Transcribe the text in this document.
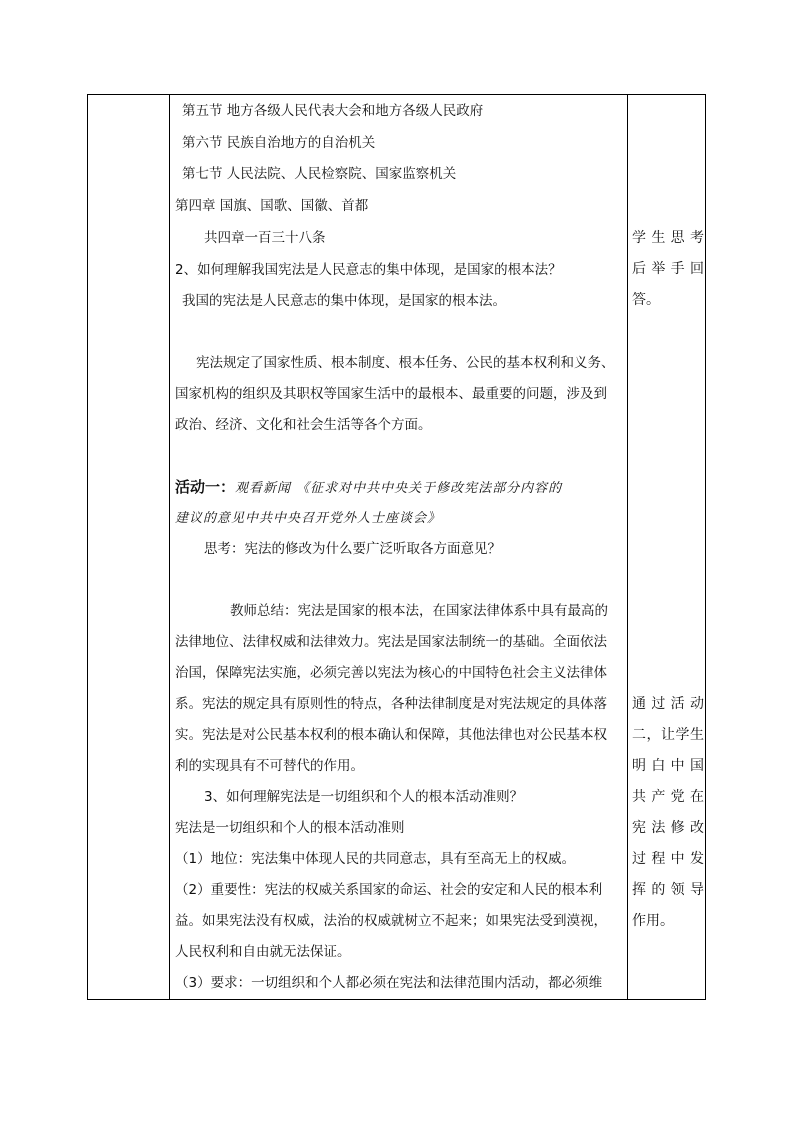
第五节 地方各级人民代表大会和地方各级人民政府
第六节 民族自治地方的自治机关
第七节 人民法院、人民检察院、国家监察机关
第四章 国旗、国歌、国徽、首都
共四章一百三十八条
2、如何理解我国宪法是人民意志的集中体现，是国家的根本法？
我国的宪法是人民意志的集中体现，是国家的根本法。
宪法规定了国家性质、根本制度、根本任务、公民的基本权利和义务、
国家机构的组织及其职权等国家生活中的最根本、最重要的问题，涉及到
政治、经济、文化和社会生活等各个方面。
活动一：观看新闻 《征求对中共中央关于修改宪法部分内容的
建议的意见中共中央召开党外人士座谈会》
思考：宪法的修改为什么要广泛听取各方面意见？
教师总结：宪法是国家的根本法，在国家法律体系中具有最高的
法律地位、法律权威和法律效力。宪法是国家法制统一的基础。全面依法
治国，保障宪法实施，必须完善以宪法为核心的中国特色社会主义法律体
系。宪法的规定具有原则性的特点，各种法律制度是对宪法规定的具体落
实。宪法是对公民基本权利的根本确认和保障，其他法律也对公民基本权
利的实现具有不可替代的作用。
3、如何理解宪法是一切组织和个人的根本活动准则？
宪法是一切组织和个人的根本活动准则
（1）地位：宪法集中体现人民的共同意志，具有至高无上的权威。
（2）重要性：宪法的权威关系国家的命运、社会的安定和人民的根本利
益。如果宪法没有权威，法治的权威就树立不起来；如果宪法受到漠视，
人民权利和自由就无法保证。
（3）要求：一切组织和个人都必须在宪法和法律范围内活动，都必须维
学生思考
后举手回
答。
通过活动
二，让学生
明白中国
共产党在
宪法修改
过程中发
挥的领导
作用。
